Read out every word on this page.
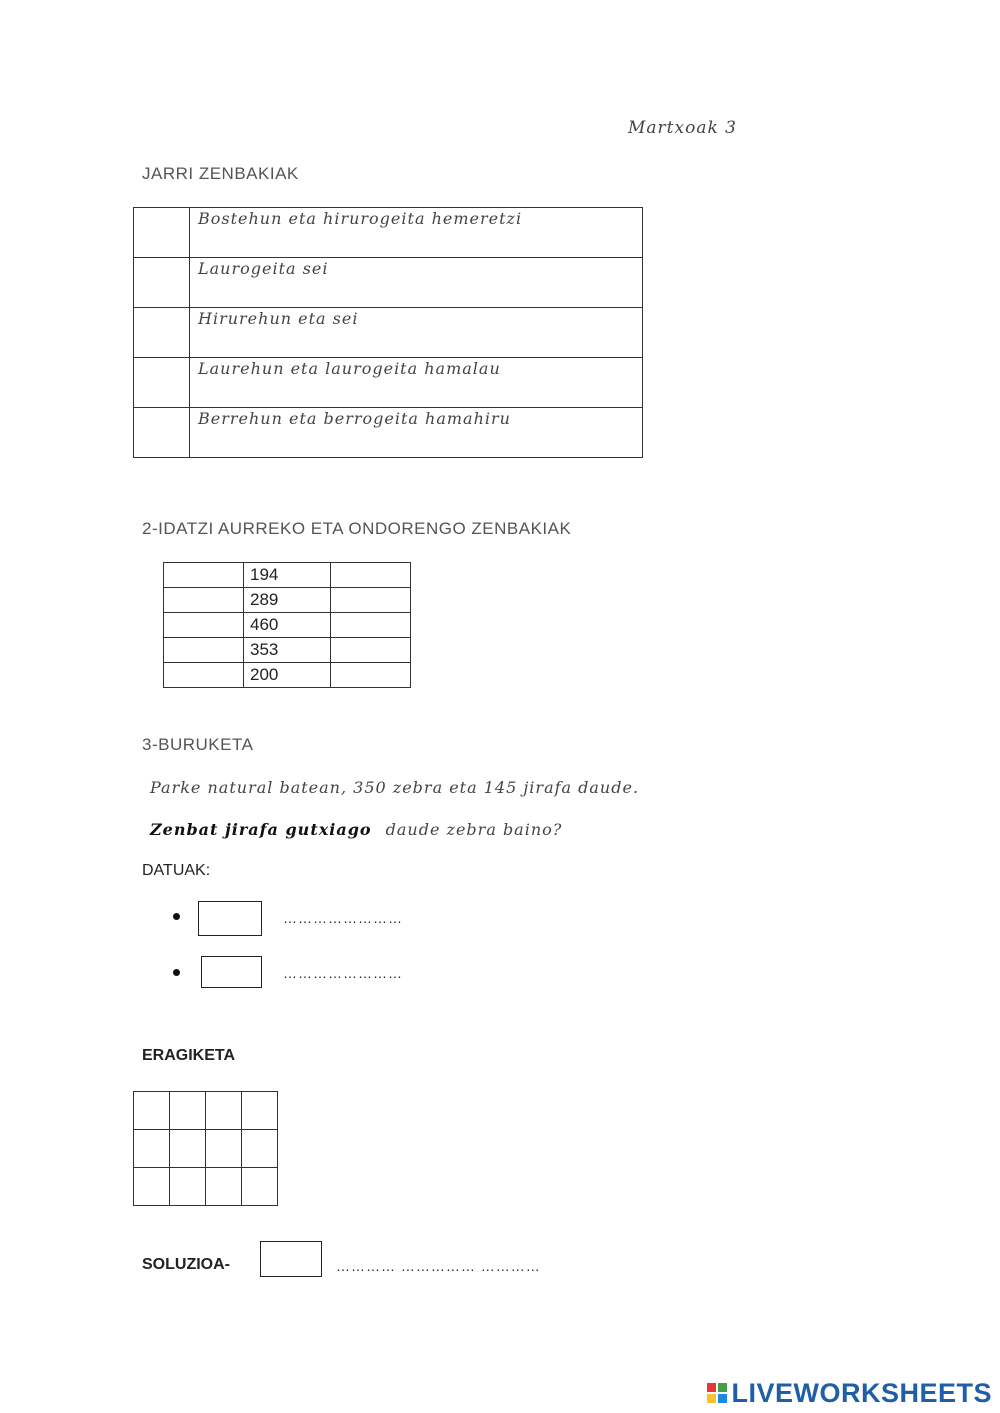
Martxoak 3
JARRI ZENBAKIAK
	Bostehun eta hirurogeita hemeretzi
	Laurogeita sei
	Hirurehun eta sei
	Laurehun eta laurogeita hamalau
	Berrehun eta berrogeita hamahiru
2-IDATZI AURREKO ETA ONDORENGO ZENBAKIAK
	194	
	289	
	460	
	353	
	200	
3-BURUKETA
Parke natural batean, 350 zebra eta 145 jirafa daude.
Zenbat jirafa gutxiago daude zebra baino?
DATUAK:
……………………
……………………
ERAGIKETA

SOLUZIOA-	………… …………… …………
LIVEWORKSHEETS
